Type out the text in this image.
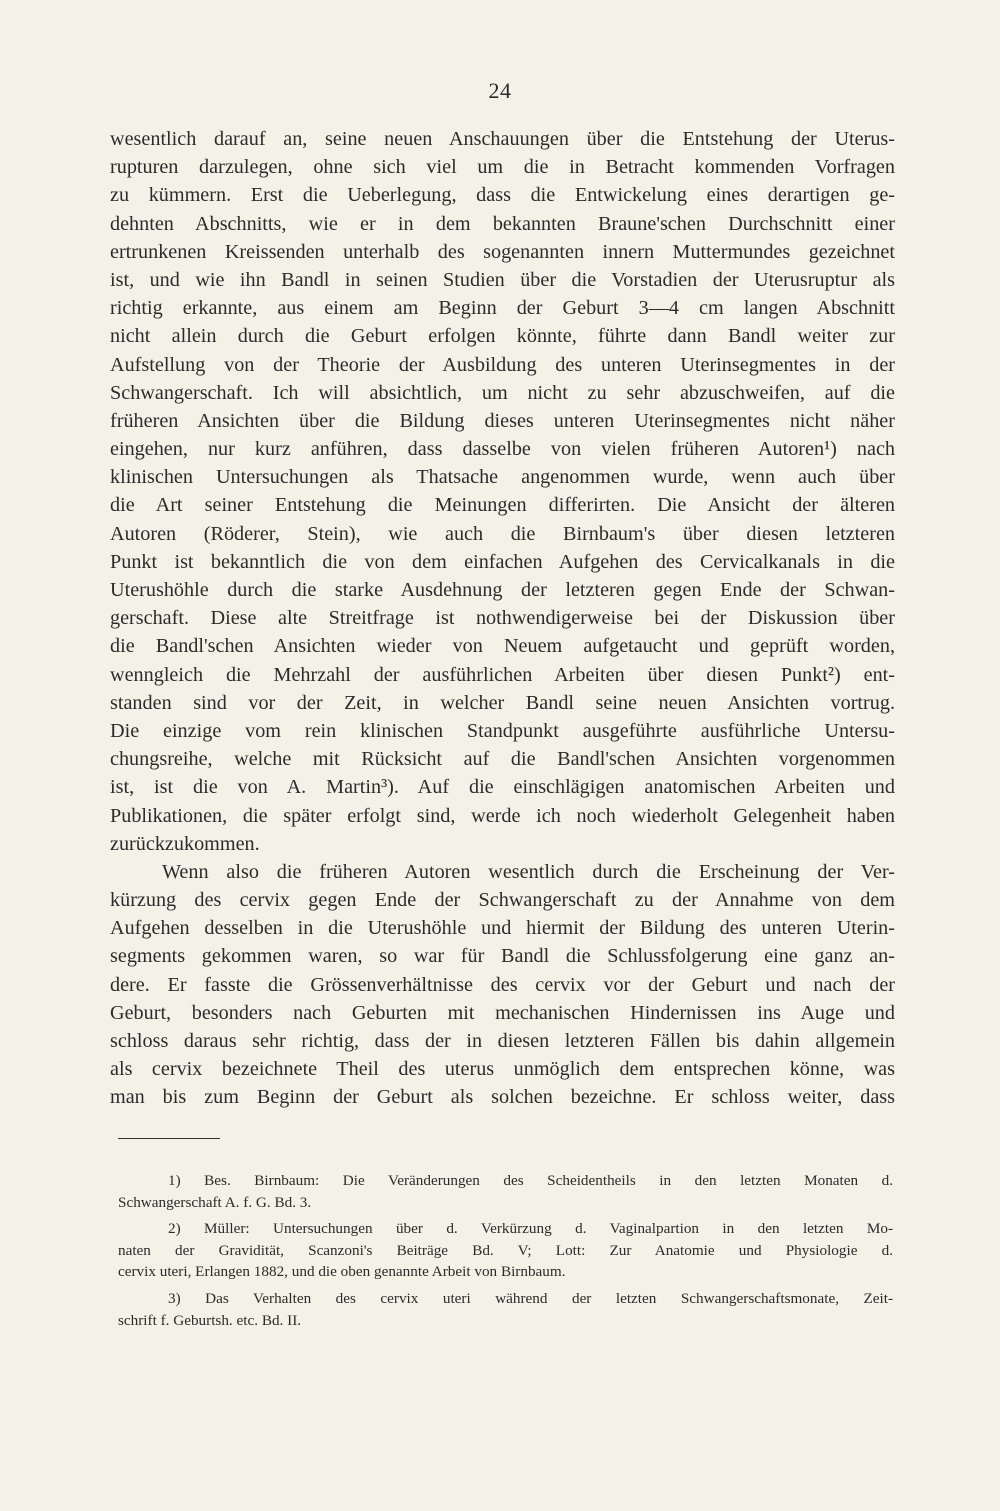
24
wesentlich darauf an, seine neuen Anschauungen über die Entstehung der Uterus-
rupturen darzulegen, ohne sich viel um die in Betracht kommenden Vorfragen
zu kümmern. Erst die Ueberlegung, dass die Entwickelung eines derartigen ge-
dehnten Abschnitts, wie er in dem bekannten Braune'schen Durchschnitt einer
ertrunkenen Kreissenden unterhalb des sogenannten innern Muttermundes gezeichnet
ist, und wie ihn Bandl in seinen Studien über die Vorstadien der Uterusruptur als
richtig erkannte, aus einem am Beginn der Geburt 3—4 cm langen Abschnitt
nicht allein durch die Geburt erfolgen könnte, führte dann Bandl weiter zur
Aufstellung von der Theorie der Ausbildung des unteren Uterinsegmentes in der
Schwangerschaft. Ich will absichtlich, um nicht zu sehr abzuschweifen, auf die
früheren Ansichten über die Bildung dieses unteren Uterinsegmentes nicht näher
eingehen, nur kurz anführen, dass dasselbe von vielen früheren Autoren¹) nach
klinischen Untersuchungen als Thatsache angenommen wurde, wenn auch über
die Art seiner Entstehung die Meinungen differirten. Die Ansicht der älteren
Autoren (Röderer, Stein), wie auch die Birnbaum's über diesen letzteren
Punkt ist bekanntlich die von dem einfachen Aufgehen des Cervicalkanals in die
Uterushöhle durch die starke Ausdehnung der letzteren gegen Ende der Schwan-
gerschaft. Diese alte Streitfrage ist nothwendigerweise bei der Diskussion über
die Bandl'schen Ansichten wieder von Neuem aufgetaucht und geprüft worden,
wenngleich die Mehrzahl der ausführlichen Arbeiten über diesen Punkt²) ent-
standen sind vor der Zeit, in welcher Bandl seine neuen Ansichten vortrug.
Die einzige vom rein klinischen Standpunkt ausgeführte ausführliche Untersu-
chungsreihe, welche mit Rücksicht auf die Bandl'schen Ansichten vorgenommen
ist, ist die von A. Martin³). Auf die einschlägigen anatomischen Arbeiten und
Publikationen, die später erfolgt sind, werde ich noch wiederholt Gelegenheit haben
zurückzukommen.
Wenn also die früheren Autoren wesentlich durch die Erscheinung der Ver-
kürzung des cervix gegen Ende der Schwangerschaft zu der Annahme von dem
Aufgehen desselben in die Uterushöhle und hiermit der Bildung des unteren Uterin-
segments gekommen waren, so war für Bandl die Schlussfolgerung eine ganz an-
dere. Er fasste die Grössenverhältnisse des cervix vor der Geburt und nach der
Geburt, besonders nach Geburten mit mechanischen Hindernissen ins Auge und
schloss daraus sehr richtig, dass der in diesen letzteren Fällen bis dahin allgemein
als cervix bezeichnete Theil des uterus unmöglich dem entsprechen könne, was
man bis zum Beginn der Geburt als solchen bezeichne. Er schloss weiter, dass
1) Bes. Birnbaum: Die Veränderungen des Scheidentheils in den letzten Monaten d.
Schwangerschaft A. f. G. Bd. 3.
2) Müller: Untersuchungen über d. Verkürzung d. Vaginalpartion in den letzten Mo-
naten der Gravidität, Scanzoni's Beiträge Bd. V; Lott: Zur Anatomie und Physiologie d.
cervix uteri, Erlangen 1882, und die oben genannte Arbeit von Birnbaum.
3) Das Verhalten des cervix uteri während der letzten Schwangerschaftsmonate, Zeit-
schrift f. Geburtsh. etc. Bd. II.
